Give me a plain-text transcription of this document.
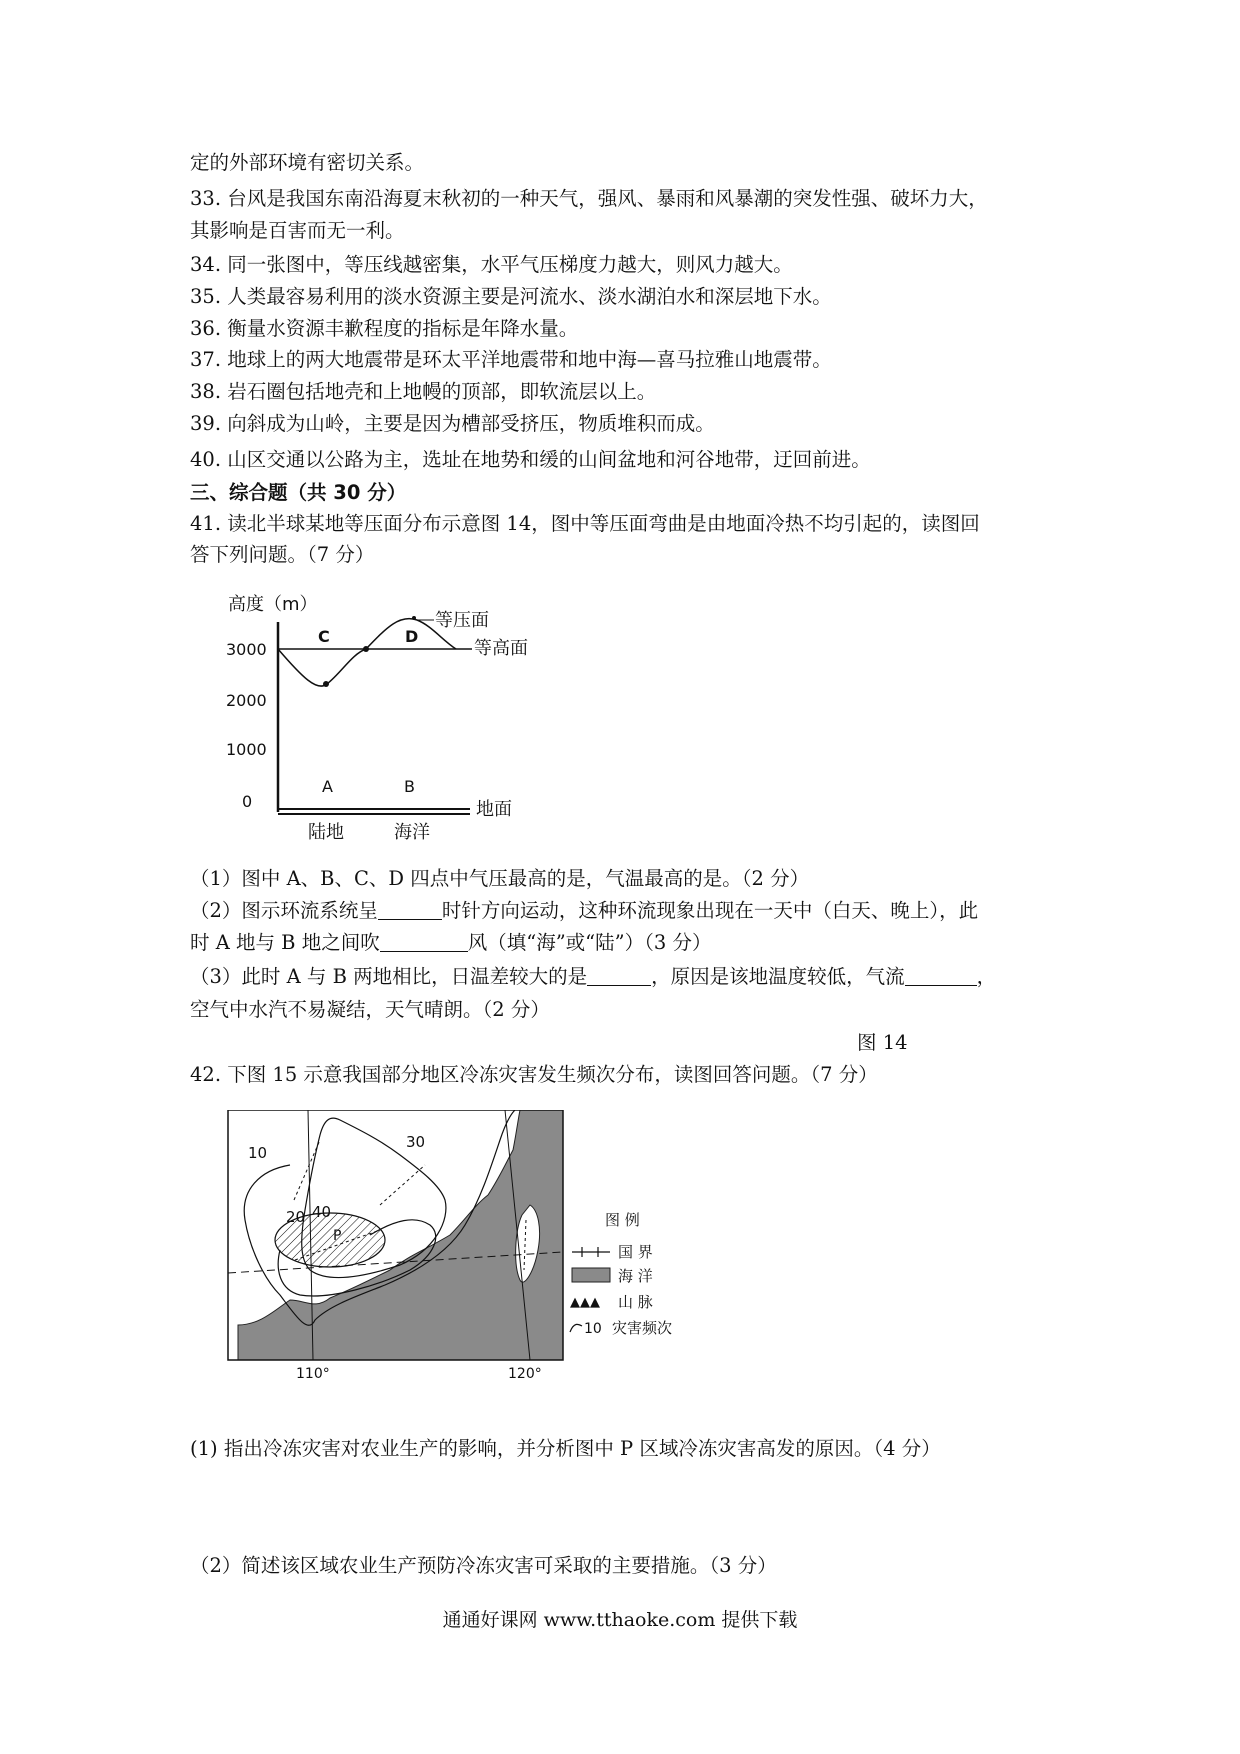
定的外部环境有密切关系。
33. 台风是我国东南沿海夏末秋初的一种天气，强风、暴雨和风暴潮的突发性强、破坏力大，
其影响是百害而无一利。
34. 同一张图中，等压线越密集，水平气压梯度力越大，则风力越大。
35. 人类最容易利用的淡水资源主要是河流水、淡水湖泊水和深层地下水。
36. 衡量水资源丰歉程度的指标是年降水量。
37. 地球上的两大地震带是环太平洋地震带和地中海—喜马拉雅山地震带。
38. 岩石圈包括地壳和上地幔的顶部，即软流层以上。
39. 向斜成为山岭，主要是因为槽部受挤压，物质堆积而成。
40. 山区交通以公路为主，选址在地势和缓的山间盆地和河谷地带，迂回前进。
三、综合题（共 30 分）
41. 读北半球某地等压面分布示意图 14，图中等压面弯曲是由地面冷热不均引起的，读图回
答下列问题。（7 分）
高度（m）
3000
2000
1000
0
C	D
等压面
等高面
A	B
地面
陆地	海洋
（1）图中 A、B、C、D 四点中气压最高的是，气温最高的是。（2 分）
（2）图示环流系统呈	时针方向运动，这种环流现象出现在一天中（白天、晚上），此
时 A 地与 B 地之间吹	风（填“海”或“陆”）（3 分）
（3）此时 A 与 B 两地相比，日温差较大的是	，原因是该地温度较低，气流	，
空气中水汽不易凝结，天气晴朗。（2 分）
图 14
42. 下图 15 示意我国部分地区冷冻灾害发生频次分布，读图回答问题。（7 分）
10
30
20 40
P
110°	120°
图 例
国 界
海 洋
▲▲▲ 山 脉
10 灾害频次
(1) 指出冷冻灾害对农业生产的影响，并分析图中 P 区域冷冻灾害高发的原因。（4 分）
（2）简述该区域农业生产预防冷冻灾害可采取的主要措施。（3 分）
通通好课网 www.tthaoke.com 提供下载
